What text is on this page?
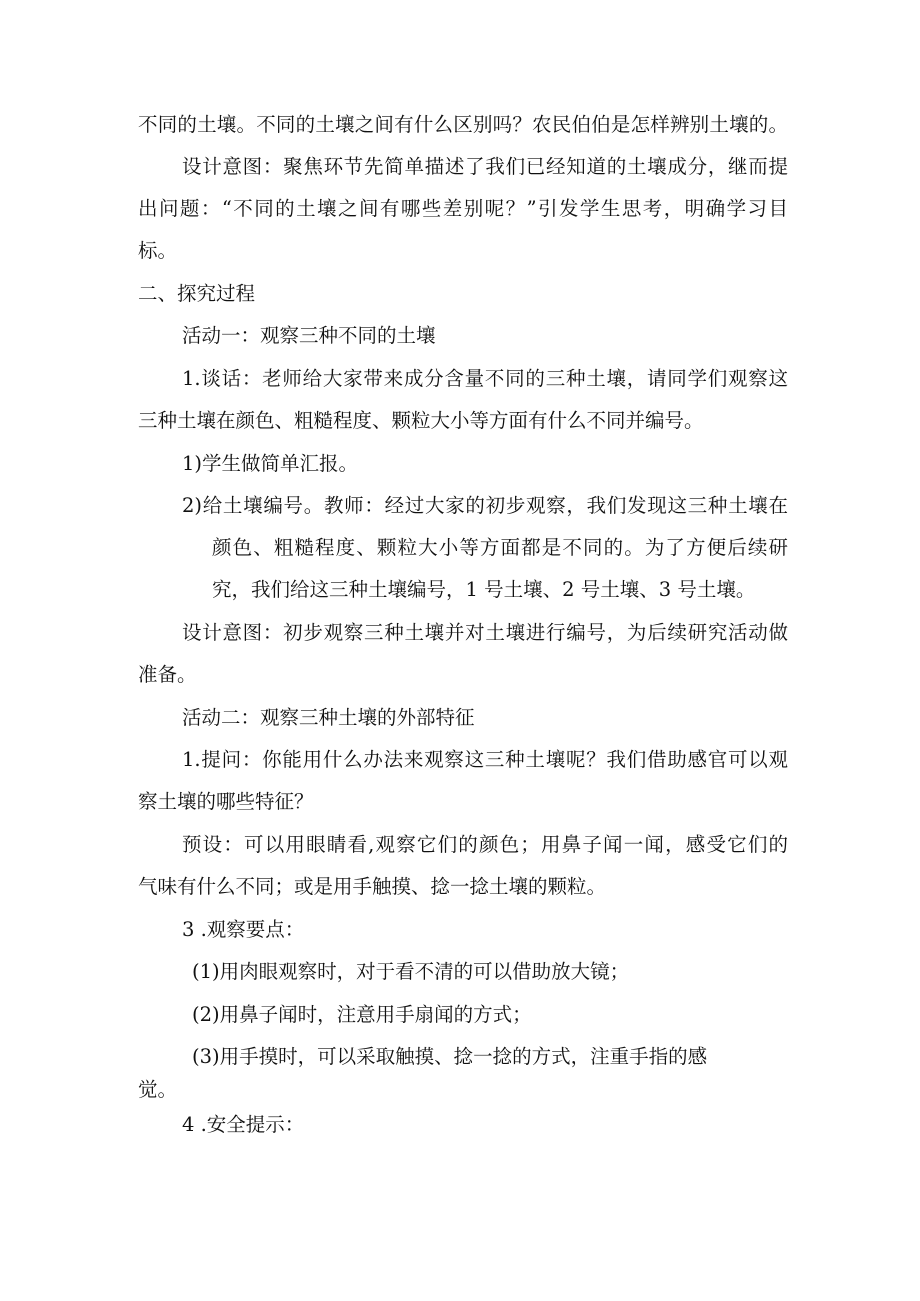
不同的土壤。不同的土壤之间有什么区别吗？农民伯伯是怎样辨别土壤的。
设计意图：聚焦环节先简单描述了我们已经知道的土壤成分，继而提
出问题：“不同的土壤之间有哪些差别呢？”引发学生思考，明确学习目
标。
二、探究过程
活动一：观察三种不同的土壤
1.谈话：老师给大家带来成分含量不同的三种土壤，请同学们观察这
三种土壤在颜色、粗糙程度、颗粒大小等方面有什么不同并编号。
1)学生做简单汇报。
2)给土壤编号。教师：经过大家的初步观察，我们发现这三种土壤在
颜色、粗糙程度、颗粒大小等方面都是不同的。为了方便后续研
究，我们给这三种土壤编号，1 号土壤、2 号土壤、3 号土壤。
设计意图：初步观察三种土壤并对土壤进行编号，为后续研究活动做
准备。
活动二：观察三种土壤的外部特征
1.提问：你能用什么办法来观察这三种土壤呢？我们借助感官可以观
察土壤的哪些特征？
预设：可以用眼睛看,观察它们的颜色；用鼻子闻一闻，感受它们的
气味有什么不同；或是用手触摸、捻一捻土壤的颗粒。
3 .观察要点：
(1)用肉眼观察时，对于看不清的可以借助放大镜；
(2)用鼻子闻时，注意用手扇闻的方式；
(3)用手摸时，可以采取触摸、捻一捻的方式，注重手指的感
觉。
4 .安全提示：
